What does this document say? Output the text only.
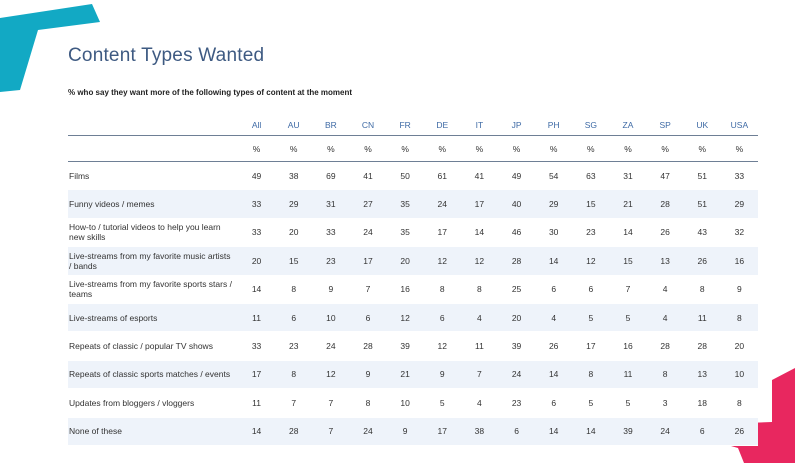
Content Types Wanted
% who say they want more of the following types of content at the moment
	All	AU	BR	CN	FR	DE	IT	JP	PH	SG	ZA	SP	UK	USA
	%	%	%	%	%	%	%	%	%	%	%	%	%	%
Films	49	38	69	41	50	61	41	49	54	63	31	47	51	33
Funny videos / memes	33	29	31	27	35	24	17	40	29	15	21	28	51	29
How-to / tutorial videos to help you learn new skills	33	20	33	24	35	17	14	46	30	23	14	26	43	32
Live-streams from my favorite music artists / bands	20	15	23	17	20	12	12	28	14	12	15	13	26	16
Live-streams from my favorite sports stars / teams	14	8	9	7	16	8	8	25	6	6	7	4	8	9
Live-streams of esports	11	6	10	6	12	6	4	20	4	5	5	4	11	8
Repeats of classic / popular TV shows	33	23	24	28	39	12	11	39	26	17	16	28	28	20
Repeats of classic sports matches / events	17	8	12	9	21	9	7	24	14	8	11	8	13	10
Updates from bloggers / vloggers	11	7	7	8	10	5	4	23	6	5	5	3	18	8
None of these	14	28	7	24	9	17	38	6	14	14	39	24	6	26
